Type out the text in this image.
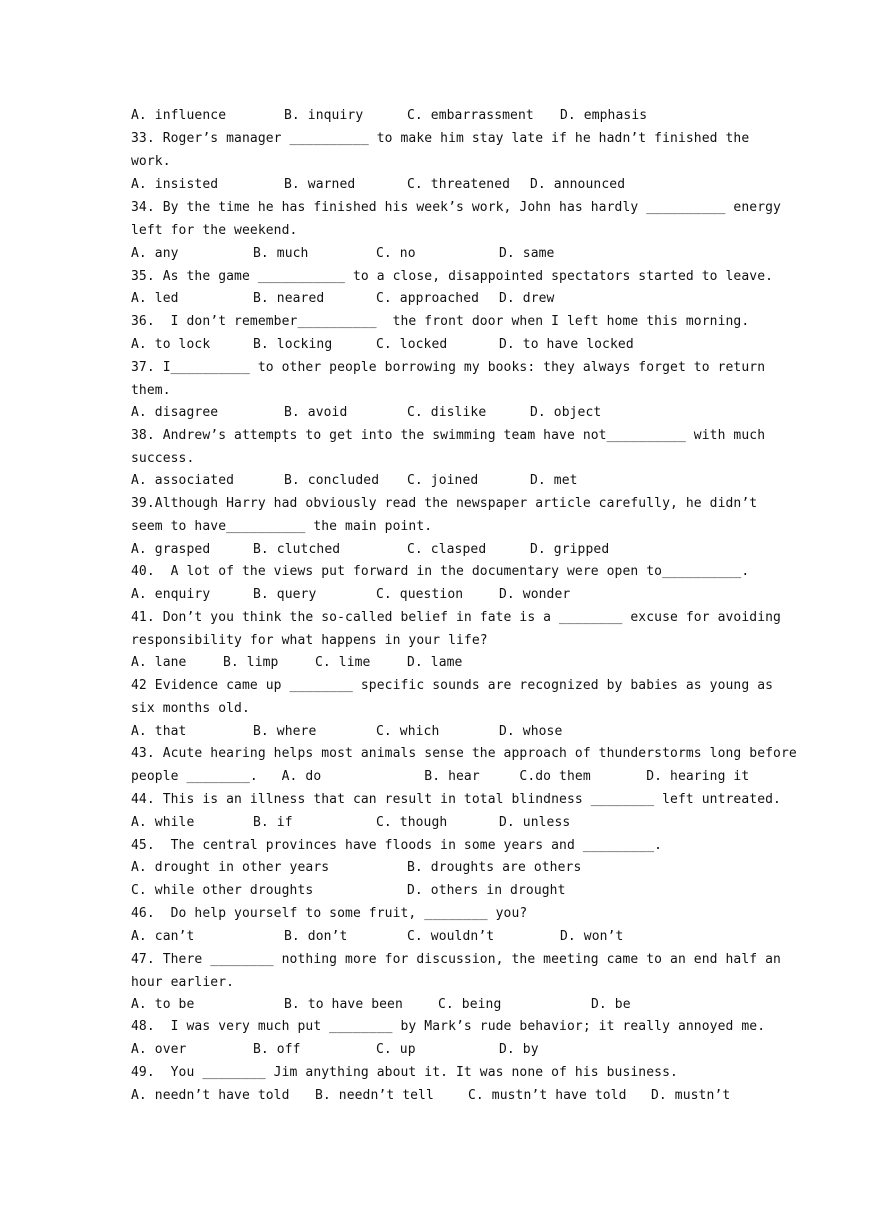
A. influence	B. inquiry	C. embarrassment D. emphasis
33. Roger’s manager __________ to make him stay late if he hadn’t finished the
work.
A. insisted	B. warned	C. threatened D. announced
34. By the time he has finished his week’s work, John has hardly __________ energy
left for the weekend.
A. any	B. much	C. no	D. same
35. As the game ___________ to a close, disappointed spectators started to leave.
A. led	B. neared	C. approached D. drew
36.  I don’t remember__________  the front door when I left home this morning.
A. to lock	B. locking	C. locked	D. to have locked
37. I__________ to other people borrowing my books: they always forget to return
them.
A. disagree	B. avoid	C. dislike	D. object
38. Andrew’s attempts to get into the swimming team have not__________ with much
success.
A. associated	B. concluded C. joined	D. met
39.Although Harry had obviously read the newspaper article carefully, he didn’t
seem to have__________ the main point.
A. grasped	B. clutched	C. clasped	D. gripped
40.  A lot of the views put forward in the documentary were open to__________.
A. enquiry	B. query	C. question	D. wonder
41. Don’t you think the so-called belief in fate is a ________ excuse for avoiding
responsibility for what happens in your life?
A. lane	B. limp	C. lime	D. lame
42 Evidence came up ________ specific sounds are recognized by babies as young as
six months old.
A. that	B. where	C. which	D. whose
43. Acute hearing helps most animals sense the approach of thunderstorms long before
people ________.   A. do             B. hear     C.do them       D. hearing it
44. This is an illness that can result in total blindness ________ left untreated.
A. while	B. if	C. though	D. unless
45.  The central provinces have floods in some years and _________.
A. drought in other years	B. droughts are others
C. while other droughts	D. others in drought
46.  Do help yourself to some fruit, ________ you?
A. can’t	B. don’t	C. wouldn’t	D. won’t
47. There ________ nothing more for discussion, the meeting came to an end half an
hour earlier.
A. to be	B. to have been	C. being	D. be
48.  I was very much put ________ by Mark’s rude behavior; it really annoyed me.
A. over	B. off	C. up	D. by
49.  You ________ Jim anything about it. It was none of his business.
A. needn’t have told B. needn’t tell	C. mustn’t have told D. mustn’t
